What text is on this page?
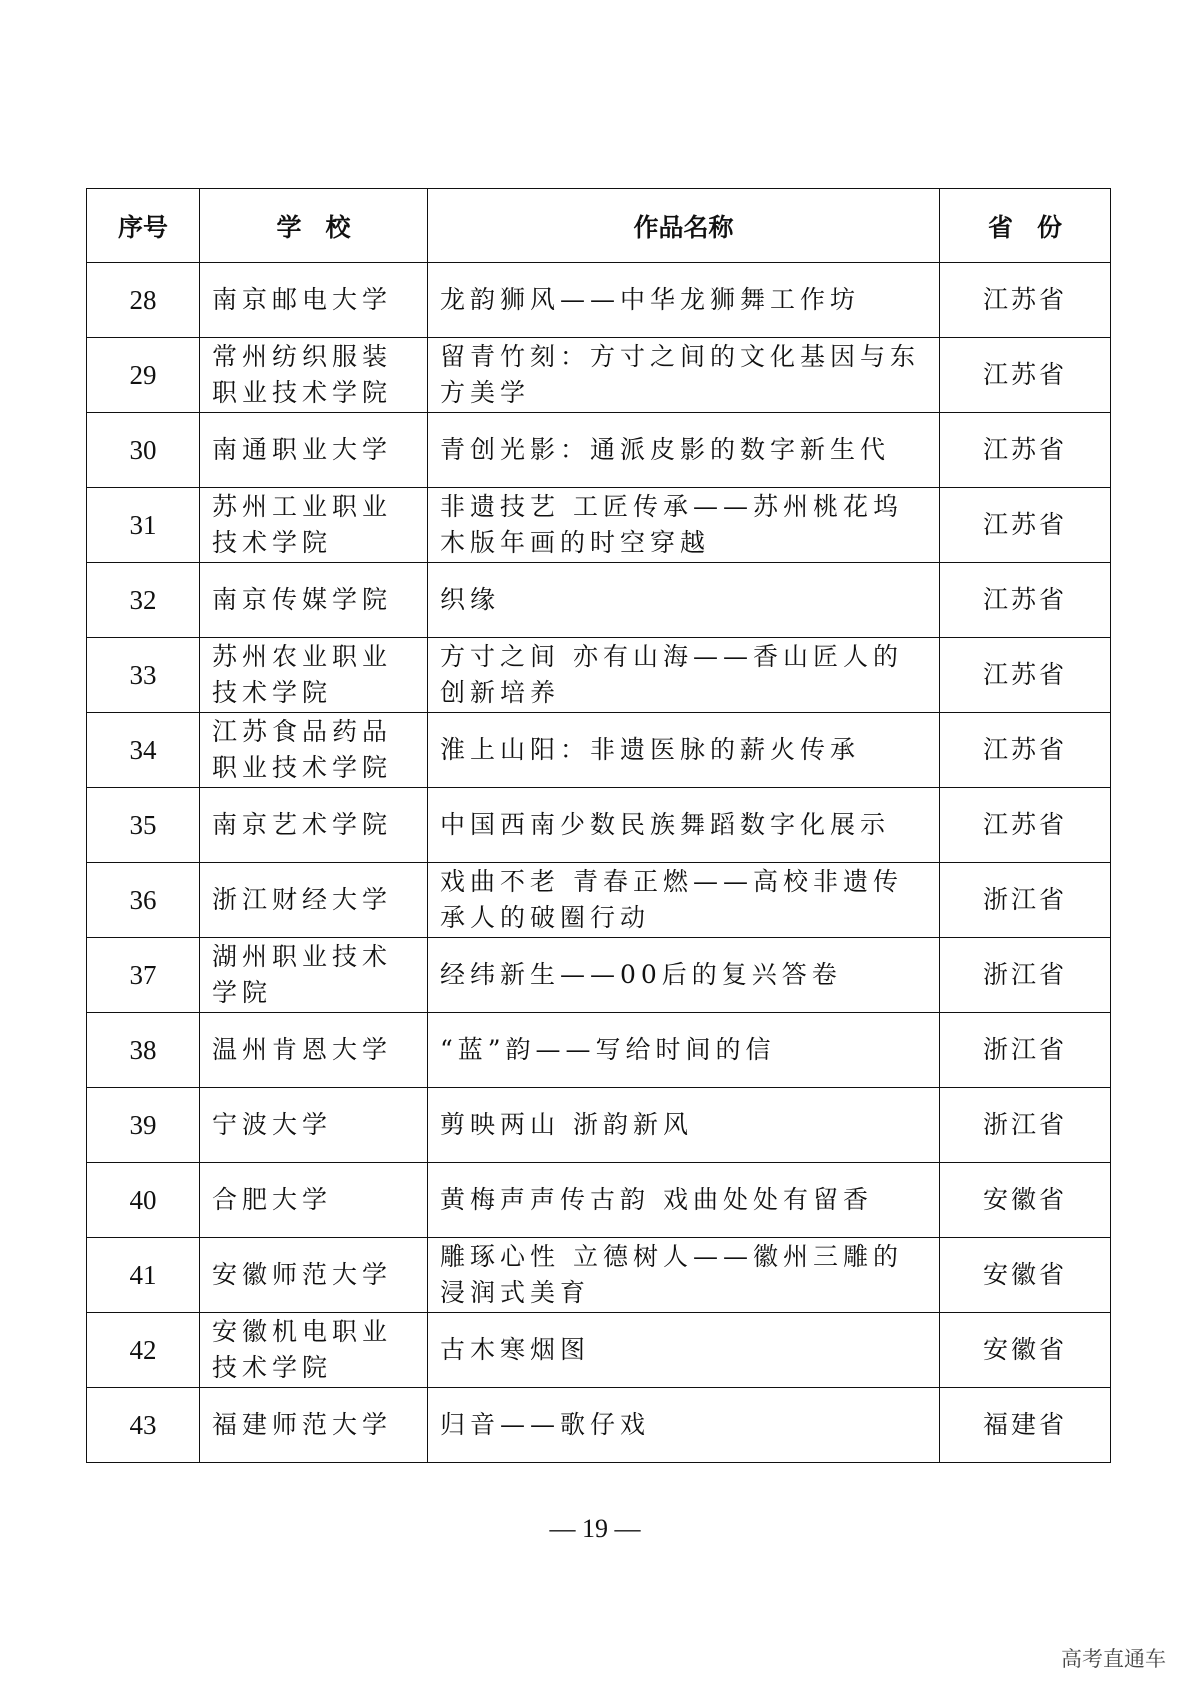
序号	学校	作品名称	省份
28	南京邮电大学	龙韵狮风——中华龙狮舞工作坊	江苏省
29	常州纺织服装职业技术学院	留青竹刻：方寸之间的文化基因与东方美学	江苏省
30	南通职业大学	青创光影：通派皮影的数字新生代	江苏省
31	苏州工业职业技术学院	非遗技艺 工匠传承——苏州桃花坞木版年画的时空穿越	江苏省
32	南京传媒学院	织缘	江苏省
33	苏州农业职业技术学院	方寸之间 亦有山海——香山匠人的创新培养	江苏省
34	江苏食品药品职业技术学院	淮上山阳：非遗医脉的薪火传承	江苏省
35	南京艺术学院	中国西南少数民族舞蹈数字化展示	江苏省
36	浙江财经大学	戏曲不老 青春正燃——高校非遗传承人的破圈行动	浙江省
37	湖州职业技术学院	经纬新生——00后的复兴答卷	浙江省
38	温州肯恩大学	“蓝”韵——写给时间的信	浙江省
39	宁波大学	剪映两山 浙韵新风	浙江省
40	合肥大学	黄梅声声传古韵 戏曲处处有留香	安徽省
41	安徽师范大学	雕琢心性 立德树人——徽州三雕的浸润式美育	安徽省
42	安徽机电职业技术学院	古木寒烟图	安徽省
43	福建师范大学	归音——歌仔戏	福建省
— 19 —
高考直通车
